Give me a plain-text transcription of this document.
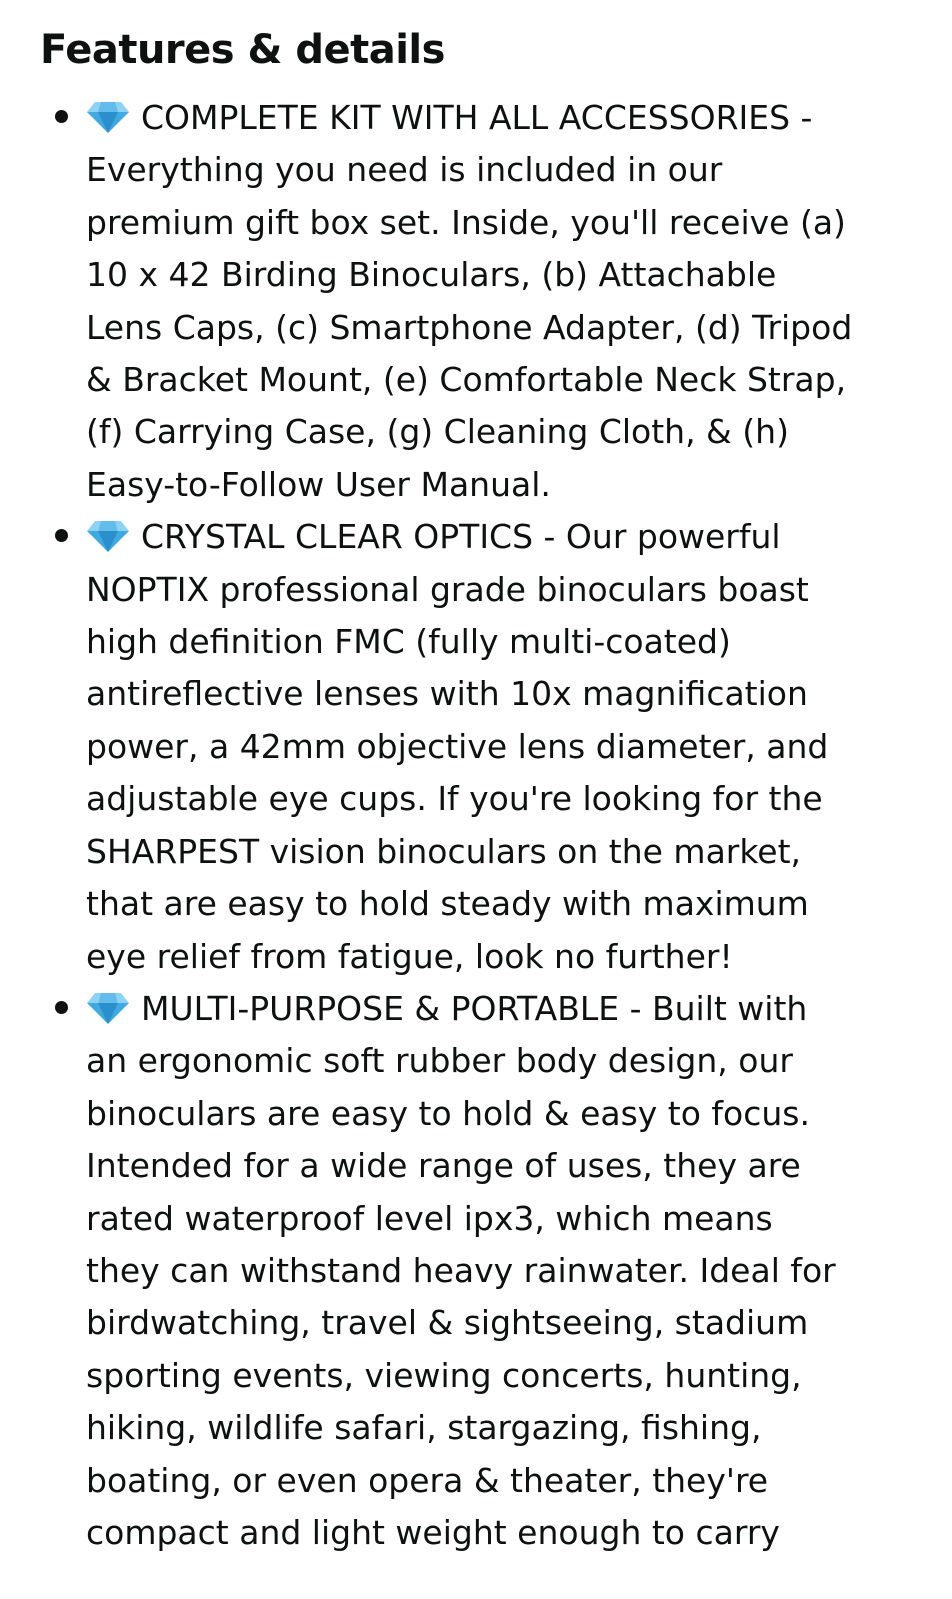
Features & details
COMPLETE KIT WITH ALL ACCESSORIES -
Everything you need is included in our
premium gift box set. Inside, you'll receive (a)
10 x 42 Birding Binoculars, (b) Attachable
Lens Caps, (c) Smartphone Adapter, (d) Tripod
& Bracket Mount, (e) Comfortable Neck Strap,
(f) Carrying Case, (g) Cleaning Cloth, & (h)
Easy-to-Follow User Manual.
CRYSTAL CLEAR OPTICS - Our powerful
NOPTIX professional grade binoculars boast
high definition FMC (fully multi-coated)
antireflective lenses with 10x magnification
power, a 42mm objective lens diameter, and
adjustable eye cups. If you're looking for the
SHARPEST vision binoculars on the market,
that are easy to hold steady with maximum
eye relief from fatigue, look no further!
MULTI-PURPOSE & PORTABLE - Built with
an ergonomic soft rubber body design, our
binoculars are easy to hold & easy to focus.
Intended for a wide range of uses, they are
rated waterproof level ipx3, which means
they can withstand heavy rainwater. Ideal for
birdwatching, travel & sightseeing, stadium
sporting events, viewing concerts, hunting,
hiking, wildlife safari, stargazing, fishing,
boating, or even opera & theater, they're
compact and light weight enough to carry
